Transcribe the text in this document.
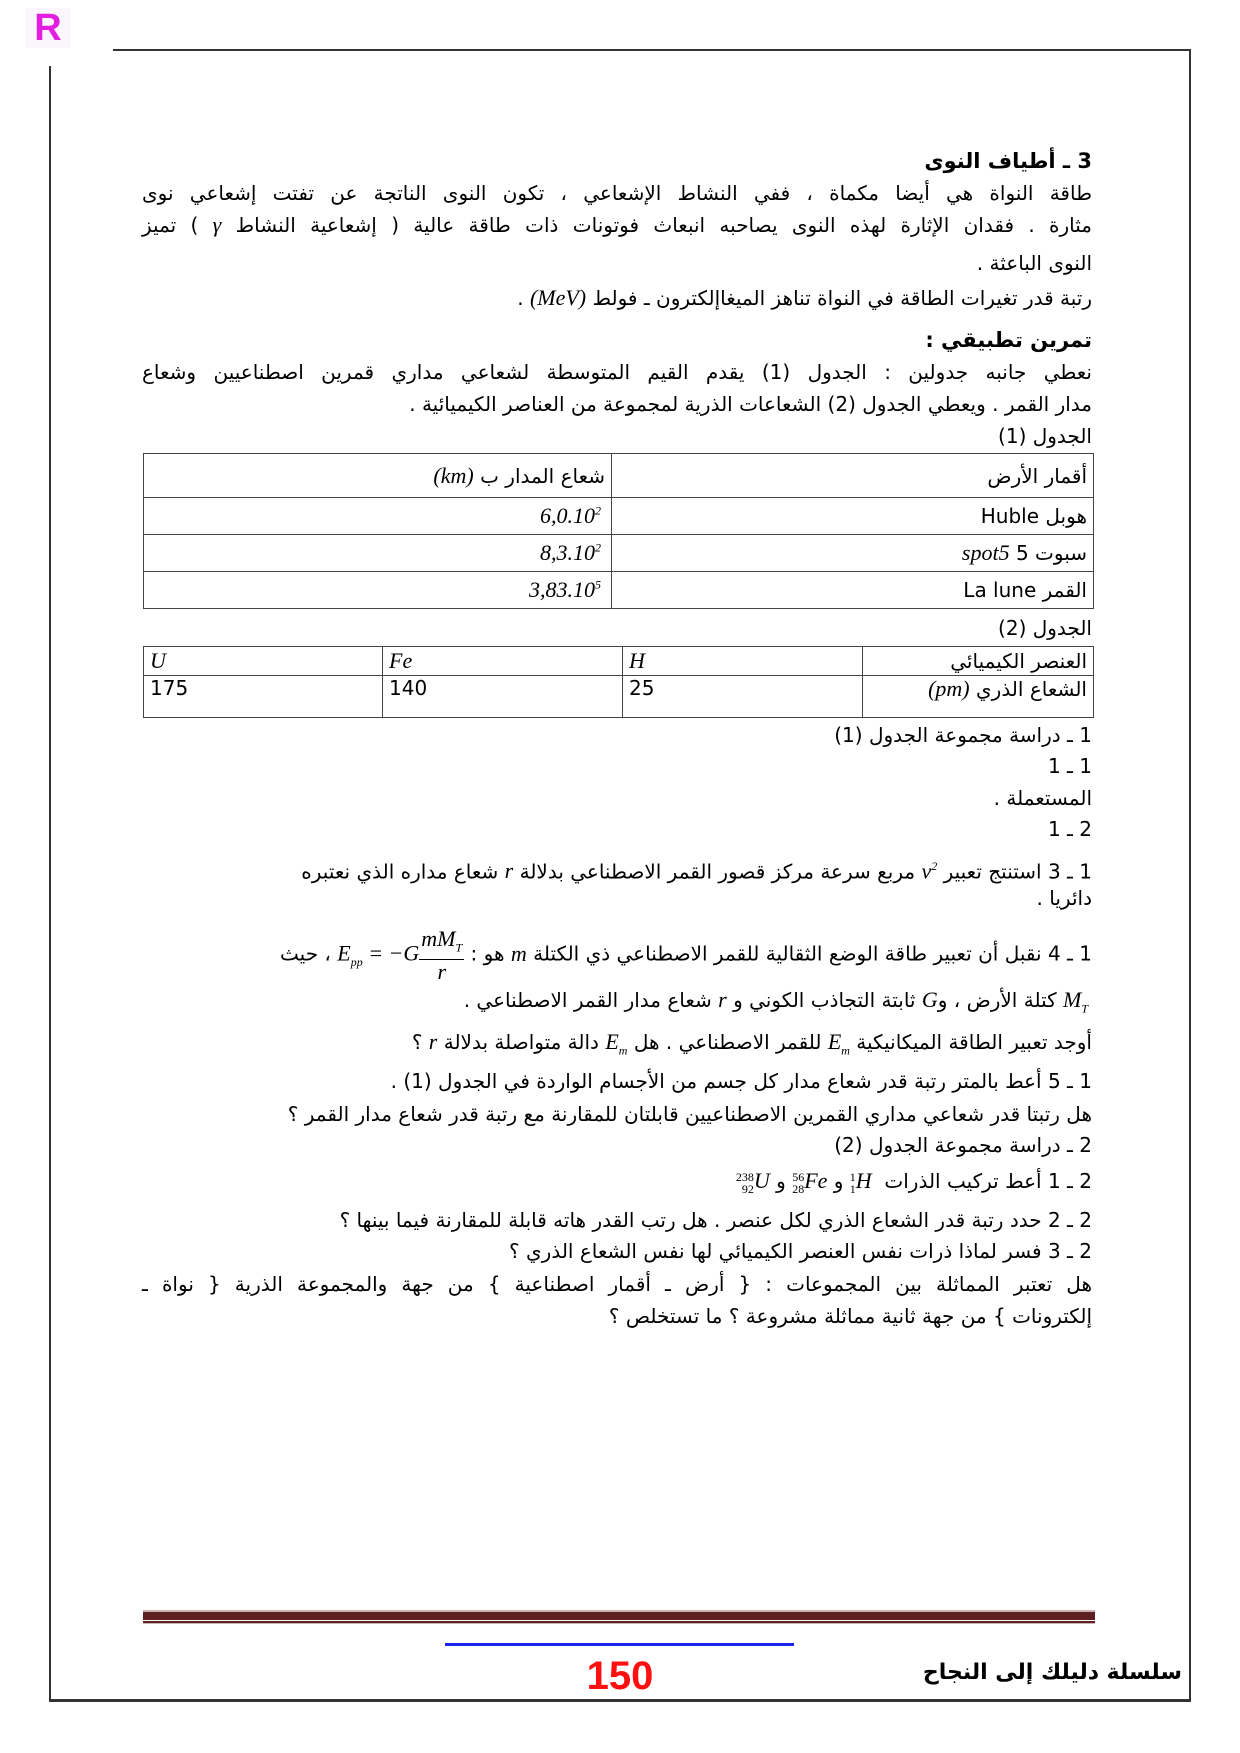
R
3 ـ أطياف النوى
طاقة النواة هي أيضا مكماة ، ففي النشاط الإشعاعي ، تكون النوى الناتجة عن تفتت إشعاعي نوى
مثارة . فقدان الإثارة لهذه النوى يصاحبه انبعاث فوتونات ذات طاقة عالية ( إشعاعية النشاط γ ) تميز
النوى الباعثة .
رتبة قدر تغيرات الطاقة في النواة تناهز الميغاإلكترون ـ فولط (MeV) .
تمرين تطبيقي :
نعطي جانبه جدولين : الجدول (1) يقدم القيم المتوسطة لشعاعي مداري قمرين اصطناعيين وشعاع
مدار القمر . ويعطي الجدول (2) الشعاعات الذرية لمجموعة من العناصر الكيميائية .
الجدول (1)
أقمار الأرض	شعاع المدار ب (km)
هوبل Huble	6,0.10$^2$

سبوت 5 spot5	8,3.10$^2$

القمر La lune	3,83.10$^5$
الجدول (2)
العنصر الكيميائي	H	Fe	U
الشعاع الذري (pm)	25	140	175
1 ـ دراسة مجموعة الجدول (1)
1 ـ 1
المستعملة .
2 ـ 1
1 ـ 3 استنتج تعبير $v^2$ مربع سرعة مركز قصور القمر الاصطناعي بدلالة r شعاع مداره الذي نعتبره
دائريا .
1 ـ 4 نقبل أن تعبير طاقة الوضع الثقالية للقمر الاصطناعي ذي الكتلة m هو : $E_{pp} = -G \frac{mM_T}{r}$
، حيث
$M_T$ كتلة الأرض ، وG ثابتة التجاذب الكوني و r شعاع مدار القمر الاصطناعي .
أوجد تعبير الطاقة الميكانيكية $E_m$ للقمر الاصطناعي . هل $E_m$ دالة متواصلة بدلالة r ؟
1 ـ 5 أعط بالمتر رتبة قدر شعاع مدار كل جسم من الأجسام الواردة في الجدول (1) .
هل رتبتا قدر شعاعي مداري القمرين الاصطناعيين قابلتان للمقارنة مع رتبة قدر شعاع مدار القمر ؟
2 ـ دراسة مجموعة الجدول (2)
2 ـ 1 أعط تركيب الذرات
1
1 H و
56
28 Fe و
238
92 U
2 ـ 2 حدد رتبة قدر الشعاع الذري لكل عنصر . هل رتب القدر هاته قابلة للمقارنة فيما بينها ؟
2 ـ 3 فسر لماذا ذرات نفس العنصر الكيميائي لها نفس الشعاع الذري ؟
هل تعتبر المماثلة بين المجموعات : { أرض ـ أقمار اصطناعية } من جهة والمجموعة الذرية { نواة ـ
إلكترونات } من جهة ثانية مماثلة مشروعة ؟ ما تستخلص ؟
150	سلسلة دليلك إلى النجاح
